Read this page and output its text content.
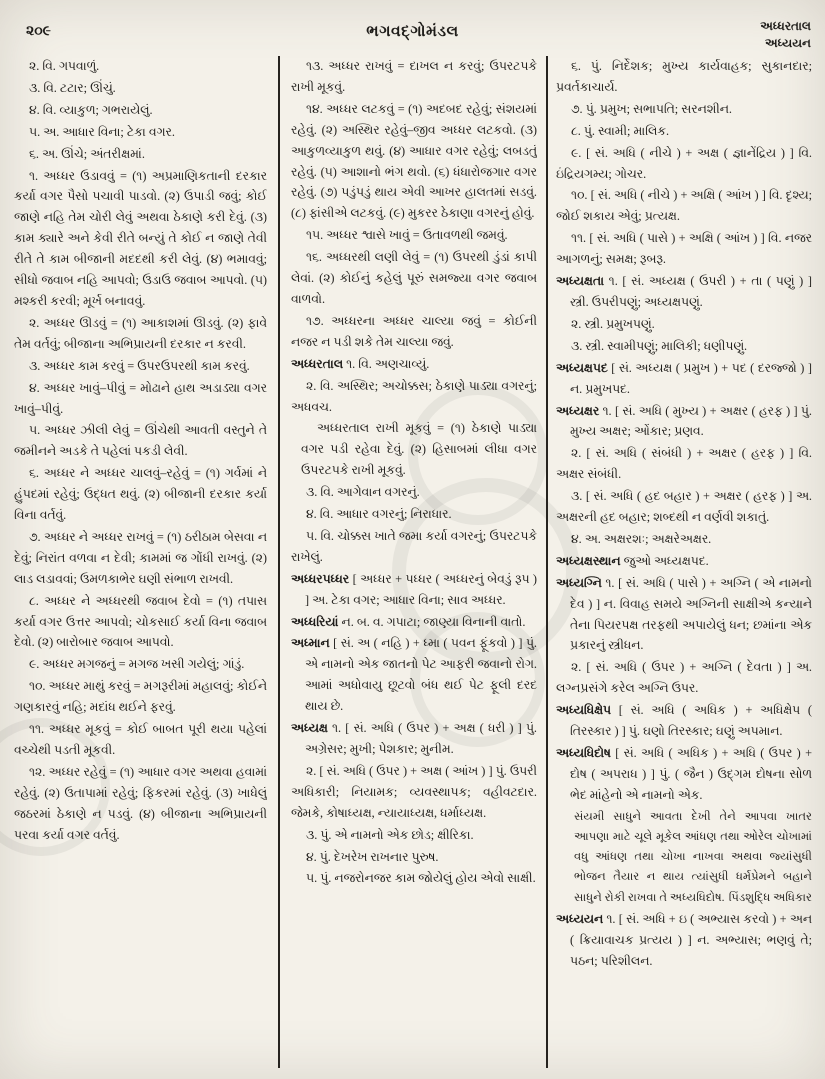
૨૦૯	ભગવદ્ગોમંડલ	અધ્ધરતાલ
અધ્યયન

૨. વિ. ગપવાળું.

૩. વિ. ટટાર; ઊંચું.

૪. વિ. વ્યાકુળ; ગભરાયેલું.

૫. અ. આધાર વિના; ટેકા વગર.

૬. અ. ઊંચે; અંતરીક્ષમાં.

૧. અધ્ધર ઉડાવવું = (૧) અપ્રમાણિકતાની દરકાર કર્યા વગર પૈસો પચાવી પાડવો. (૨) ઉપાડી જવું; કોઈ જાણે નહિ તેમ ચોરી લેવું અથવા ઠેકાણે કરી દેવું. (૩) કામ ક્યારે અને કેવી રીતે બન્યું તે કોઈ ન જાણે તેવી રીતે તે કામ બીજાની મદદથી કરી લેવું. (૪) ભમાવવું; સીધો જવાબ નહિ આપવો; ઉડાઉ જવાબ આપવો. (૫) મશ્કરી કરવી; મૂર્ખ બનાવવું.

૨. અધ્ધર ઊડવું = (૧) આકાશમાં ઊડવું. (૨) ફાવે તેમ વર્તવું; બીજાના અભિપ્રાયની દરકાર ન કરવી.

૩. અધ્ધર કામ કરવું = ઉપરઉપરથી કામ કરવું.

૪. અધ્ધર ખાવું–પીવું = મોઢાને હાથ અડાડ્યા વગર ખાવું–પીવું.

૫. અધ્ધર ઝીલી લેવું = ઊંચેથી આવતી વસ્તુને તે જમીનને અડકે તે પહેલાં પકડી લેવી.

૬. અધ્ધર ને અધ્ધર ચાલવું–રહેવું = (૧) ગર્વમાં ને હુંપદમાં રહેવું; ઉદ્ધત થવું. (૨) બીજાની દરકાર કર્યા વિના વર્તવું.

૭. અધ્ધર ને અધ્ધર રાખવું = (૧) ઠરીઠામ બેસવા ન દેવું; નિરાંત વળવા ન દેવી; કામમાં જ ગોંધી રાખવું. (૨) લાડ લડાવવાં; ઉમળકાભેર ઘણી સંભાળ રાખવી.

૮. અધ્ધર ને અધ્ધરથી જવાબ દેવો = (૧) તપાસ કર્યા વગર ઉત્તર આપવો; ચોકસાઈ કર્યા વિના જવાબ દેવો. (૨) બારોબાર જવાબ આપવો.

૯. અધ્ધર મગજનું = મગજ ખસી ગયેલું; ગાંડું.

૧૦. અધ્ધર માથું કરવું = મગરૂરીમાં મહાલવું; કોઈને ગણકારવું નહિ; મદાંધ થઈને ફરવું.

૧૧. અધ્ધર મૂકવું = કોઈ બાબત પૂરી થયા પહેલાં વચ્ચેથી પડતી મૂકવી.

૧૨. અધ્ધર રહેવું = (૧) આધાર વગર અથવા હવામાં રહેવું. (૨) ઉતાપામાં રહેવું; ફિકરમાં રહેવું. (૩) ખાધેલું જઠરમાં ઠેકાણે ન પડવું. (૪) બીજાના અભિપ્રાયની પરવા કર્યા વગર વર્તવું.

૧૩. અધ્ધર રાખવું = દાખલ ન કરવું; ઉપરટપકે રાખી મૂકવું.

૧૪. અધ્ધર લટકવું = (૧) અદબદ રહેવું; સંશયમાં રહેવું. (૨) અસ્થિર રહેવું–જીવ અધ્ધર લટકવો. (૩) આકુળવ્યાકુળ થવું. (૪) આધાર વગર રહેવું; લબડતું રહેવું. (૫) આશાનો ભંગ થવો. (૬) ધંધારોજગાર વગર રહેવું. (૭) પડુંપડું થાય એવી આખર હાલતમાં સડવું. (૮) ફાંસીએ લટકવું. (૯) મુકરર ઠેકાણા વગરનું હોવું.

૧૫. અધ્ધર શ્વાસે ખાવું = ઉતાવળથી જમવું.

૧૬. અધ્ધરથી લણી લેવું = (૧) ઉપરથી ડુંડાં કાપી લેવાં. (૨) કોઈનું કહેલું પૂરું સમજ્યા વગર જવાબ વાળવો.

૧૭. અધ્ધરના અધ્ધર ચાલ્યા જવું = કોઈની નજર ન પડી શકે તેમ ચાલ્યા જવું.

અધ્ધરતાલ ૧. વિ. અણચાવ્યું.

૨. વિ. અસ્થિર; અચોક્કસ; ઠેકાણે પાડ્યા વગરનું; અધવચ.

અધ્ધરતાલ રાખી મૂકવું = (૧) ઠેકાણે પાડ્યા વગર પડી રહેવા દેવું. (૨) હિસાબમાં લીધા વગર ઉપરટપકે રાખી મૂકવું.

૩. વિ. આગેવાન વગરનું.

૪. વિ. આધાર વગરનું; નિરાધાર.

૫. વિ. ચોક્કસ ખાતે જમા કર્યા વગરનું; ઉપરટપકે રાખેલું.

અધ્ધરપધ્ધર [ અધ્ધર + પધ્ધર ( અધ્ધરનું બેવડું રૂપ ) ] અ. ટેકા વગર; આધાર વિના; સાવ અધ્ધર.

અધ્ધરિયાં ન. બ. વ. ગપાટા; જાણ્યા વિનાની વાતો.

અધ્માન [ સં. અ ( નહિ ) + ધ્મા ( પવન ફૂંકવો ) ] પું. એ નામનો એક જાતનો પેટ આફરી જવાનો રોગ. આમાં અધોવાયુ છૂટવો બંધ થઈ પેટ ફૂલી દરદ થાય છે.

અધ્યક્ષ ૧. [ સં. અધિ ( ઉપર ) + અક્ષ ( ધરી ) ] પું. અગ્રેસર; મુખી; પેશકાર; મુનીમ.

૨. [ સં. અધિ ( ઉપર ) + અક્ષ ( આંખ ) ] પું. ઉપરી અધિકારી; નિયામક; વ્યવસ્થાપક; વહીવટદાર. જેમકે, કોષાધ્યક્ષ, ન્યાયાધ્યક્ષ, ધર્માધ્યક્ષ.

૩. પું. એ નામનો એક છોડ; ક્ષીરિકા.

૪. પું. દેખરેખ રાખનાર પુરુષ.

૫. પું. નજરોનજર કામ જોયેલું હોય એવો સાક્ષી.

૬. પું. નિર્દેશક; મુખ્ય કાર્યવાહક; સુકાનદાર; પ્રવર્તકાચાર્ય.

૭. પું. પ્રમુખ; સભાપતિ; સરનશીન.

૮. પું. સ્વામી; માલિક.

૯. [ સં. અધિ ( નીચે ) + અક્ષ ( જ્ઞાનેંદ્રિય ) ] વિ. ઇંદ્રિયગમ્ય; ગોચર.

૧૦. [ સં. અધિ ( નીચે ) + અક્ષિ ( આંખ ) ] વિ. દૃશ્ય; જોઈ શકાય એવું; પ્રત્યક્ષ.

૧૧. [ સં. અધિ ( પાસે ) + અક્ષિ ( આંખ ) ] વિ. નજર આગળનું; સમક્ષ; રૂબરૂ.

અધ્યક્ષતા ૧. [ સં. અધ્યક્ષ ( ઉપરી ) + તા ( પણું ) ] સ્ત્રી. ઉપરીપણું; અધ્યક્ષપણું.

૨. સ્ત્રી. પ્રમુખપણું.

૩. સ્ત્રી. સ્વામીપણું; માલિકી; ધણીપણું.

અધ્યક્ષપદ [ સં. અધ્યક્ષ ( પ્રમુખ ) + પદ ( દરજ્જો ) ] ન. પ્રમુખપદ.

અધ્યક્ષર ૧. [ સં. અધિ ( મુખ્ય ) + અક્ષર ( હરફ ) ] પું. મુખ્ય અક્ષર; ઓંકાર; પ્રણવ.

૨. [ સં. અધિ ( સંબંધી ) + અક્ષર ( હરફ ) ] વિ. અક્ષર સંબંધી.

૩. [ સં. અધિ ( હદ બહાર ) + અક્ષર ( હરફ ) ] અ. અક્ષરની હદ બહાર; શબ્દથી ન વર્ણવી શકાતું.

૪. અ. અક્ષરશઃ; અક્ષરેઅક્ષર.

અધ્યક્ષસ્થાન જુઓ અધ્યક્ષપદ.

અધ્યગ્નિ ૧. [ સં. અધિ ( પાસે ) + અગ્નિ ( એ નામનો દેવ ) ] ન. વિવાહ સમયે અગ્નિની સાક્ષીએ કન્યાને તેના પિયરપક્ષ તરફથી અપાયેલું ધન; છમાંના એક પ્રકારનું સ્ત્રીધન.

૨. [ સં. અધિ ( ઉપર ) + અગ્નિ ( દેવતા ) ] અ. લગ્નપ્રસંગે કરેલ અગ્નિ ઉપર.

અધ્યધિક્ષેપ [ સં. અધિ ( અધિક ) + અધિક્ષેપ ( તિરસ્કાર ) ] પું. ઘણો તિરસ્કાર; ઘણું અપમાન.

અધ્યધિદોષ [ સં. અધિ ( અધિક ) + અધિ ( ઉપર ) + દોષ ( અપરાધ ) ] પું. ( જૈન ) ઉદ્ગમ દોષના સોળ ભેદ માંહેનો એ નામનો એક.

સંયમી સાધુને આવતા દેખી તેને આપવા ખાતર આપણા માટે ચૂલે મૂકેલ આંધણ તથા ઓરેલ ચોખામાં વધુ આંધણ તથા ચોખા નાખવા અથવા જ્યાંસુધી ભોજન તૈયાર ન થાય ત્યાંસુધી ધર્મપ્રેમને બહાને સાધુને રોકી રાખવા તે અધ્યધિદોષ. પિંડશુદ્ધિ અધિકાર

અધ્યયન ૧. [ સં. અધિ + ઇ ( અભ્યાસ કરવો ) + અન ( ક્રિયાવાચક પ્રત્યય ) ] ન. અભ્યાસ; ભણવું તે; પઠન; પરિશીલન.
